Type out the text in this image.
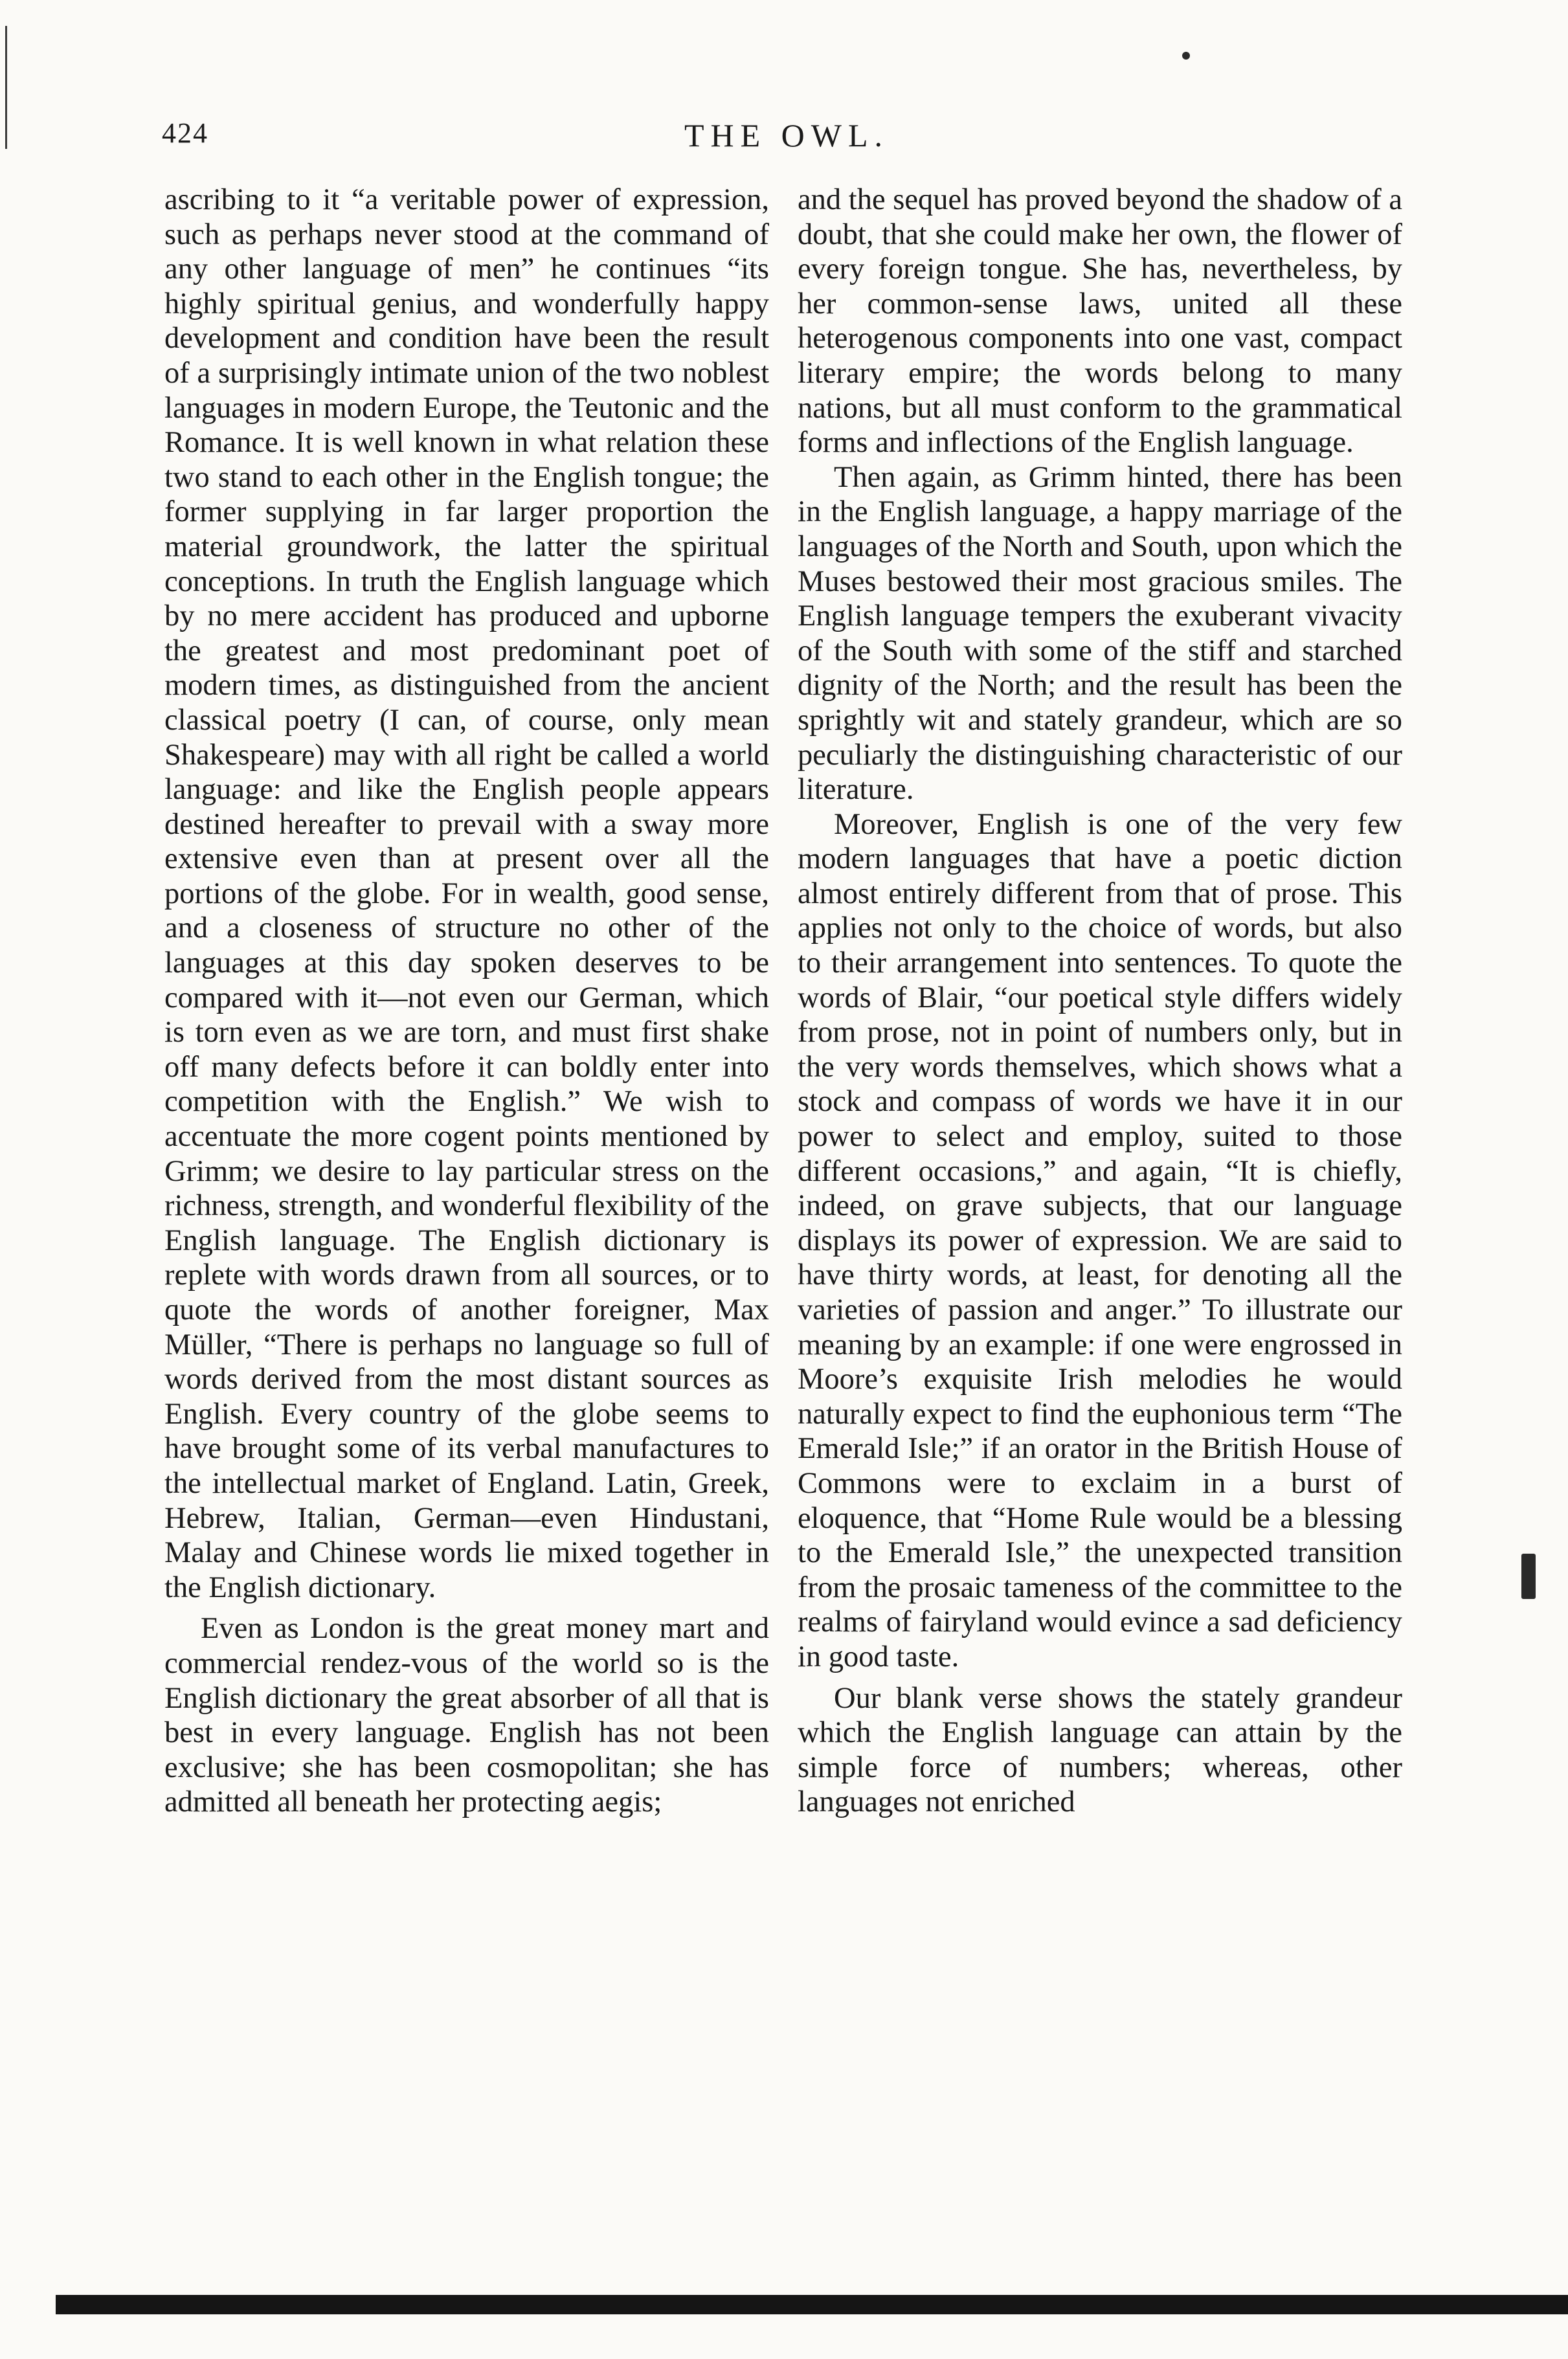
424	THE OWL.

ascribing to it “a veritable power of expression, such as perhaps never stood at the command of any other language of men” he continues “its highly spiritual genius, and wonderfully happy development and condition have been the result of a surprisingly intimate union of the two noblest languages in modern Europe, the Teutonic and the Romance. It is well known in what relation these two stand to each other in the English tongue; the former supplying in far larger proportion the material groundwork, the latter the spiritual conceptions. In truth the English language which by no mere accident has produced and upborne the greatest and most predominant poet of modern times, as distinguished from the ancient classical poetry (I can, of course, only mean Shakespeare) may with all right be called a world language: and like the English people appears destined hereafter to prevail with a sway more extensive even than at present over all the portions of the globe. For in wealth, good sense, and a closeness of structure no other of the languages at this day spoken deserves to be compared with it—not even our German, which is torn even as we are torn, and must first shake off many defects before it can boldly enter into competition with the English.” We wish to accentuate the more cogent points mentioned by Grimm; we desire to lay particular stress on the richness, strength, and wonderful flexibility of the English language. The English dictionary is replete with words drawn from all sources, or to quote the words of another foreigner, Max Müller, “There is perhaps no language so full of words derived from the most distant sources as English. Every country of the globe seems to have brought some of its verbal manufactures to the intellectual market of England. Latin, Greek, Hebrew, Italian, German—even Hindustani, Malay and Chinese words lie mixed together in the English dictionary.

Even as London is the great money mart and commercial rendez-vous of the world so is the English dictionary the great absorber of all that is best in every language. English has not been exclusive; she has been cosmopolitan; she has admitted all beneath her protecting aegis;

and the sequel has proved beyond the shadow of a doubt, that she could make her own, the flower of every foreign tongue. She has, nevertheless, by her common-sense laws, united all these heterogenous components into one vast, compact literary empire; the words belong to many nations, but all must conform to the grammatical forms and inflections of the English language.

Then again, as Grimm hinted, there has been in the English language, a happy marriage of the languages of the North and South, upon which the Muses bestowed their most gracious smiles. The English language tempers the exuberant vivacity of the South with some of the stiff and starched dignity of the North; and the result has been the sprightly wit and stately grandeur, which are so peculiarly the distinguishing characteristic of our literature.

Moreover, English is one of the very few modern languages that have a poetic diction almost entirely different from that of prose. This applies not only to the choice of words, but also to their arrangement into sentences. To quote the words of Blair, “our poetical style differs widely from prose, not in point of numbers only, but in the very words themselves, which shows what a stock and compass of words we have it in our power to select and employ, suited to those different occasions,” and again, “It is chiefly, indeed, on grave subjects, that our language displays its power of expression. We are said to have thirty words, at least, for denoting all the varieties of passion and anger.” To illustrate our meaning by an example: if one were engrossed in Moore’s exquisite Irish melodies he would naturally expect to find the euphonious term “The Emerald Isle;” if an orator in the British House of Commons were to exclaim in a burst of eloquence, that “Home Rule would be a blessing to the Emerald Isle,” the unexpected transition from the prosaic tameness of the committee to the realms of fairyland would evince a sad deficiency in good taste.

Our blank verse shows the stately grandeur which the English language can attain by the simple force of numbers; whereas, other languages not enriched
